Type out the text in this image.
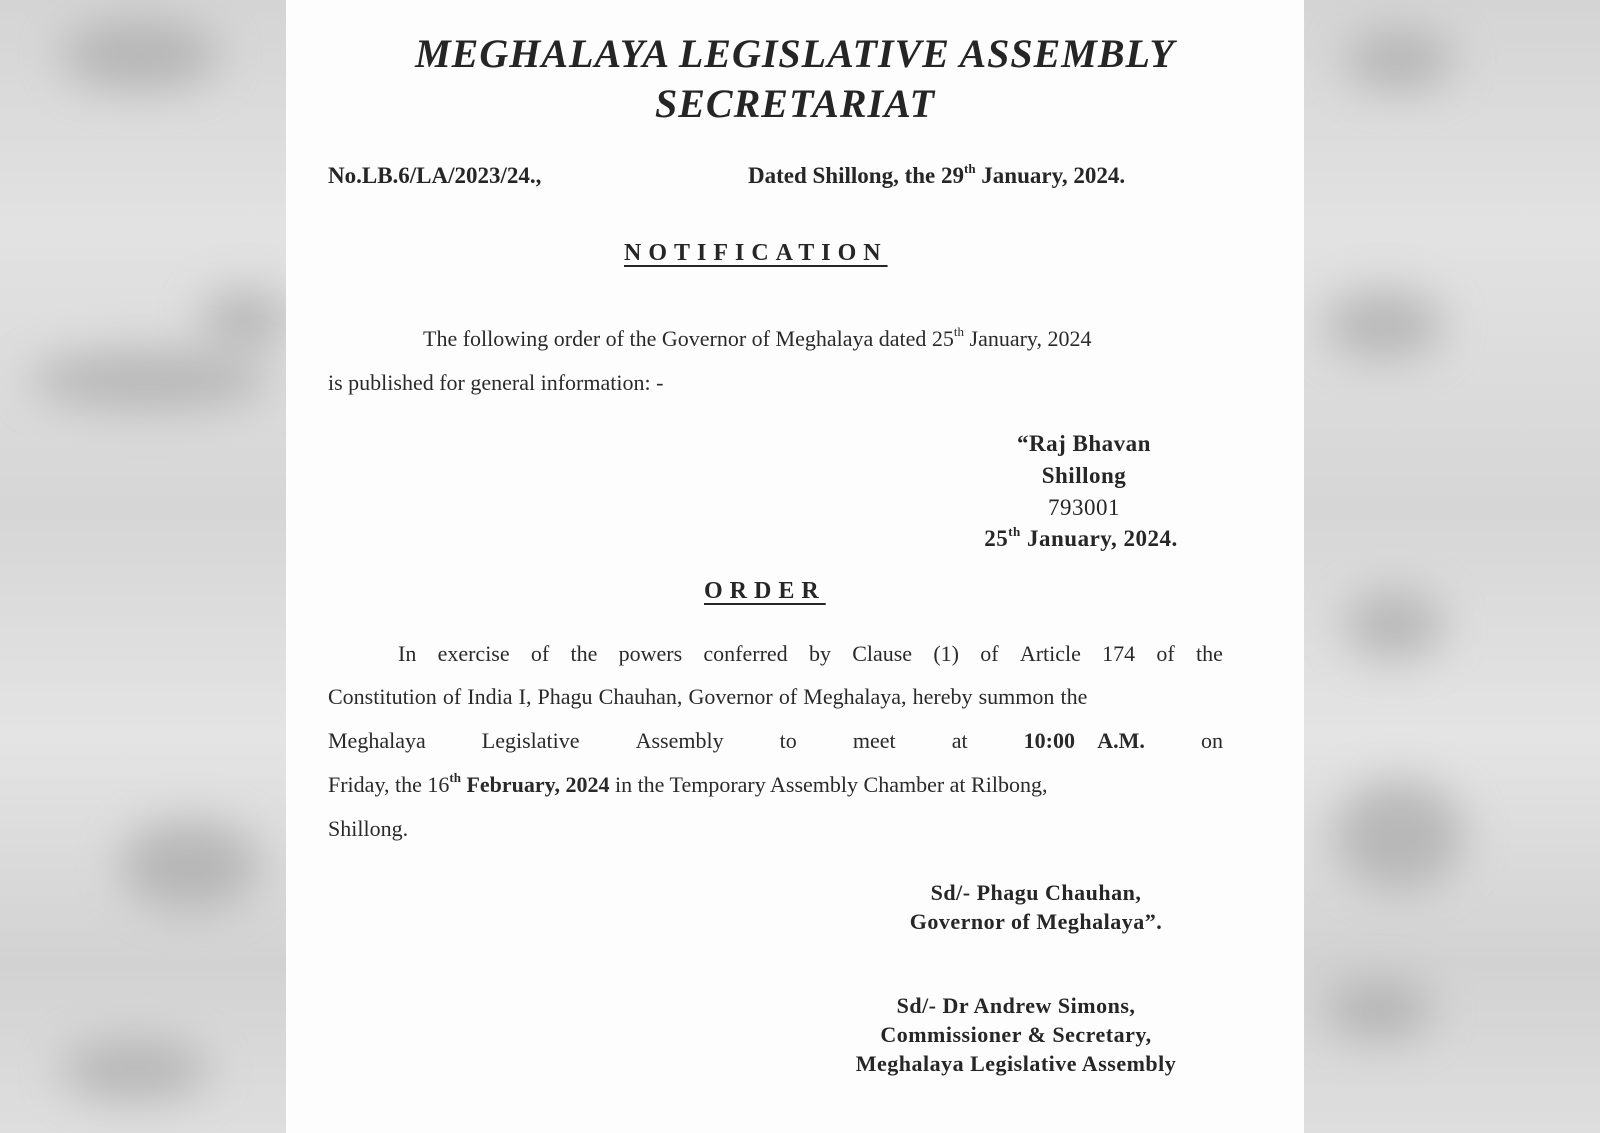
MEGHALAYA LEGISLATIVE ASSEMBLY
SECRETARIAT
No.LB.6/LA/2023/24.,	Dated Shillong, the 29th January, 2024.
NOTIFICATION
The following order of the Governor of Meghalaya dated 25th January, 2024
is published for general information: -
“Raj Bhavan
Shillong
793001
25th January, 2024.
ORDER
In exercise of the powers conferred by Clause (1) of Article 174 of the
Constitution of India I, Phagu Chauhan, Governor of Meghalaya, hereby summon the
Meghalaya	Legislative	Assembly	to	meet	at	10:00 A.M.	on
Friday, the 16th February, 2024 in the Temporary Assembly Chamber at Rilbong,
Shillong.
Sd/- Phagu Chauhan,
Governor of Meghalaya”.
Sd/- Dr Andrew Simons,
Commissioner & Secretary,
Meghalaya Legislative Assembly
